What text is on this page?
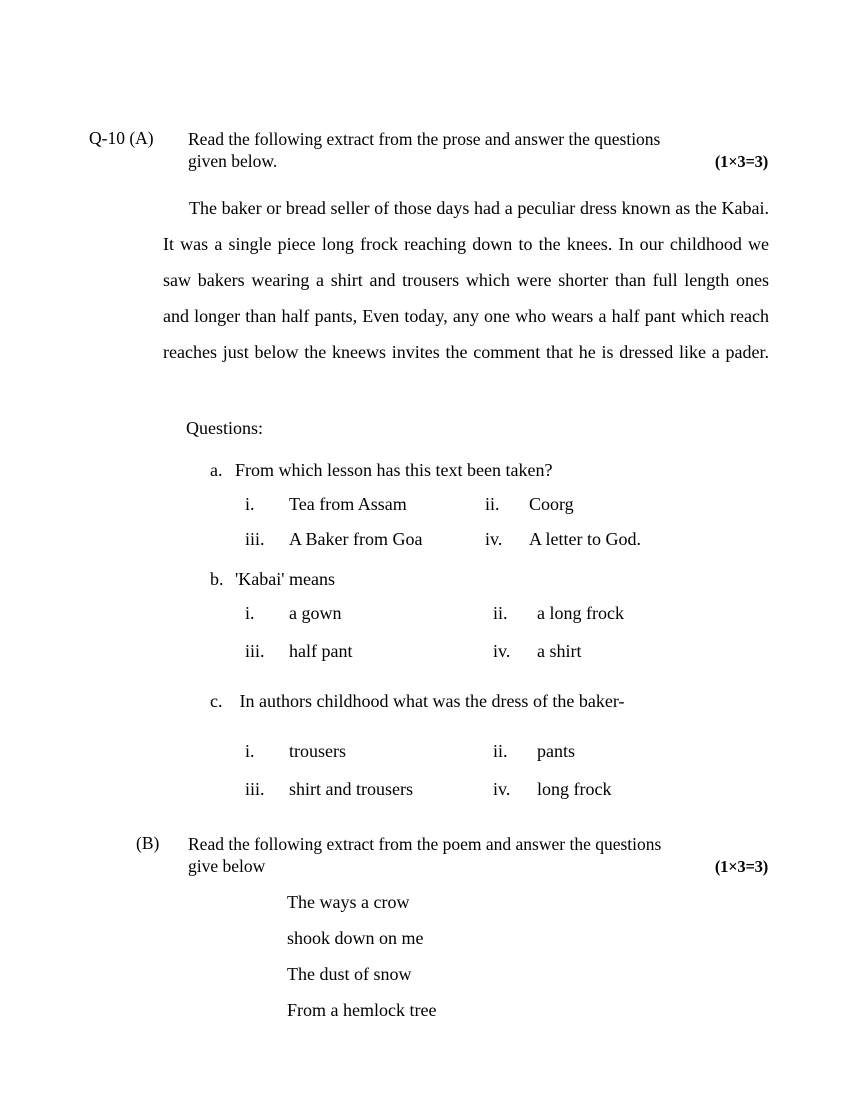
Q-10 (A) Read the following extract from the prose and answer the questions
given below.	(1×3=3)
The baker or bread seller of those days had a peculiar dress known as the Kabai. It was a single piece long frock reaching down to the knees. In our childhood we saw bakers wearing a shirt and trousers which were shorter than full length ones and longer than half pants, Even today, any one who wears a half pant which reach reaches just below the kneews invites the comment that he is dressed like a pader.
Questions:
a. From which lesson has this text been taken?
i. Tea from Assam	ii. Coorg
iii. A Baker from Goa	iv. A letter to God.
b. 'Kabai' means
i. a gown	ii. a long frock
iii. half pant	iv. a shirt
c. In authors childhood what was the dress of the baker-
i. trousers	ii. pants
iii. shirt and trousers	iv. long frock
(B) Read the following extract from the poem and answer the questions
give below	(1×3=3)
The ways a crow
shook down on me
The dust of snow
From a hemlock tree
